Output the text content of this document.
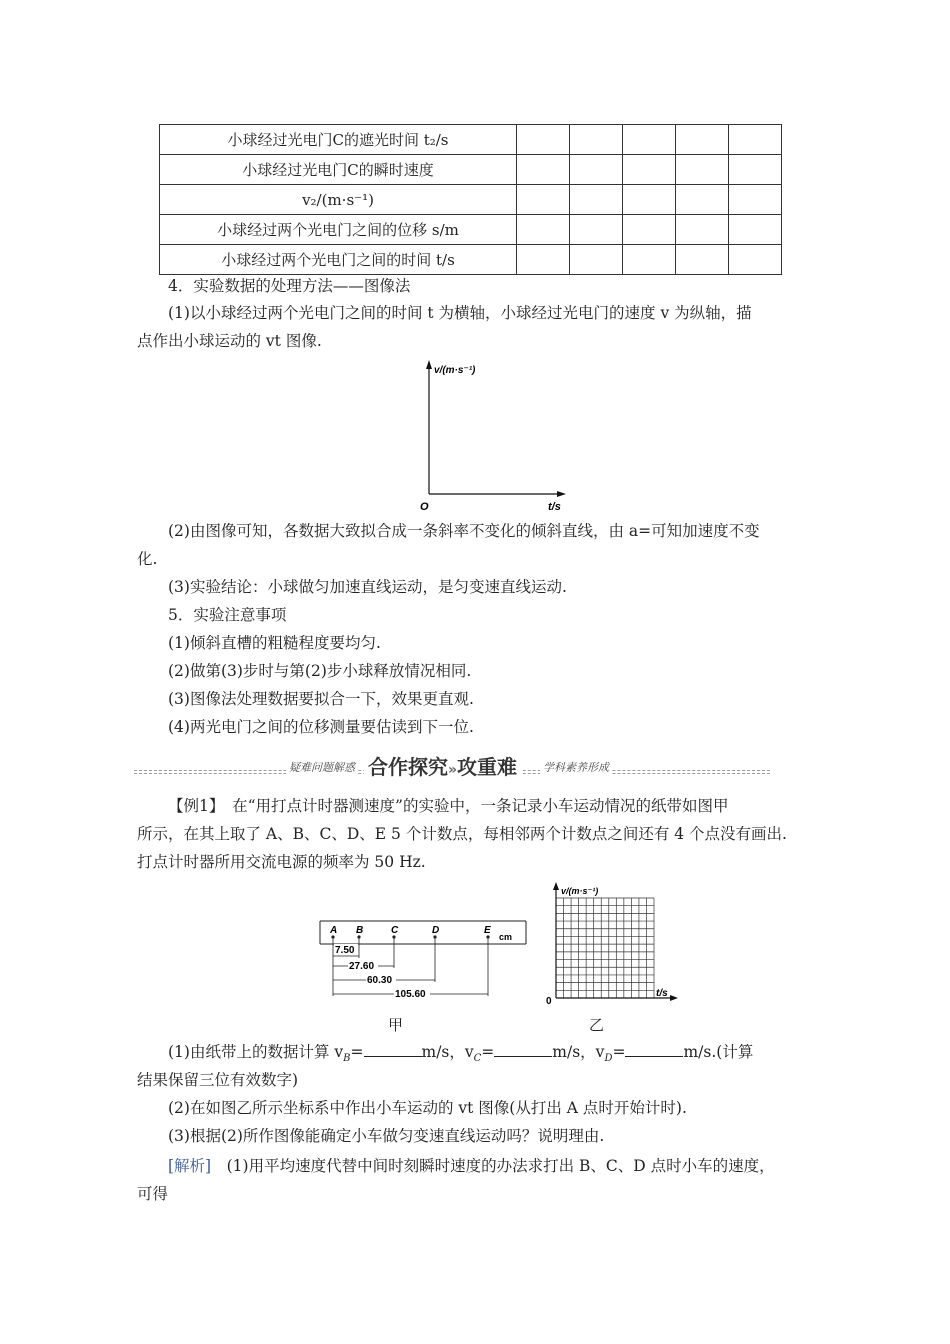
小球经过光电门C的遮光时间 t₂/s					
小球经过光电门C的瞬时速度					
v₂/(m·s⁻¹)					
小球经过两个光电门之间的位移 s/m					
小球经过两个光电门之间的时间 t/s					
4．实验数据的处理方法——图像法
(1)以小球经过两个光电门之间的时间 t 为横轴，小球经过光电门的速度 v 为纵轴，描
点作出小球运动的 vt 图像.
v/(m·s⁻¹)
O	t/s
(2)由图像可知，各数据大致拟合成一条斜率不变化的倾斜直线，由 a=可知加速度不变
化.
(3)实验结论：小球做匀加速直线运动，是匀变速直线运动.
5．实验注意事项
(1)倾斜直槽的粗糙程度要均匀.
(2)做第(3)步时与第(2)步小球释放情况相同.
(3)图像法处理数据要拟合一下，效果更直观.
(4)两光电门之间的位移测量要估读到下一位.
疑难问题解惑 合作探究»攻重难	学科素养形成
【例1】　在“用打点计时器测速度”的实验中，一条记录小车运动情况的纸带如图甲
所示，在其上取了 A、B、C、D、E 5 个计数点，每相邻两个计数点之间还有 4 个点没有画出.
打点计时器所用交流电源的频率为 50 Hz.
A B	C	D	E
cm
7.50
27.60
60.30
105.60
甲
v/(m·s⁻¹)
0
t/s
乙
(1)由纸带上的数据计算 $v_B=$	m/s，$v_C=$	m/s，$v_D=$	m/s.(计算
结果保留三位有效数字)
(2)在如图乙所示坐标系中作出小车运动的 vt 图像(从打出 A 点时开始计时).
(3)根据(2)所作图像能确定小车做匀变速直线运动吗？说明理由.
[解析]　(1)用平均速度代替中间时刻瞬时速度的办法求打出 B、C、D 点时小车的速度，
可得
